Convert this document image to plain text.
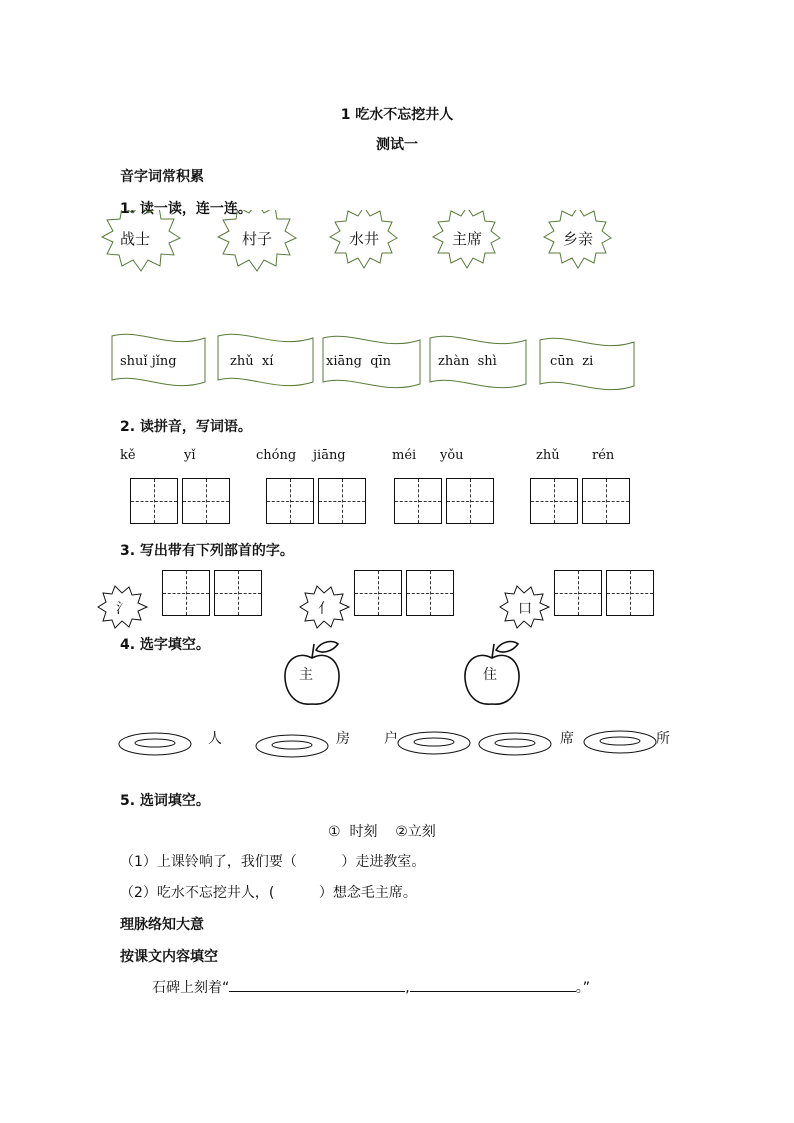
1 吃水不忘挖井人
测试一
音字词常积累
1. 读一读，连一连。
战士	村子	水井	主席	乡亲
shuǐ jǐng	zhǔ  xí	xiāng  qīn	zhàn  shì	cūn  zi
2. 读拼音，写词语。
kě	yǐ	chóng jiāng	méi yǒu	zhǔ rén
3. 写出带有下列部首的字。
氵	亻	口
4. 选字填空。
主	住
人	房 户	席	所
5. 选词填空。
①  时刻    ②立刻
（1）上课铃响了，我们要（          ）走进教室。
（2）吃水不忘挖井人，(          ）想念毛主席。
理脉络知大意
按课文内容填空
石碑上刻着“	,	。”
